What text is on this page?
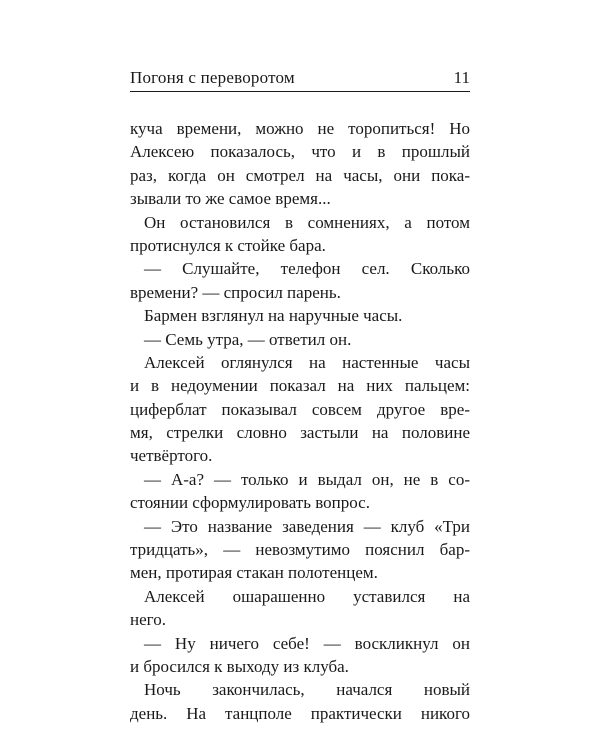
Погоня с переворотом	11
куча времени, можно не торопиться! Но
Алексею показалось, что и в прошлый
раз, когда он смотрел на часы, они пока-
зывали то же самое время...
Он остановился в сомнениях, а потом
протиснулся к стойке бара.
— Слушайте, телефон сел. Сколько
времени? — спросил парень.
Бармен взглянул на наручные часы.
— Семь утра, — ответил он.
Алексей оглянулся на настенные часы
и в недоумении показал на них пальцем:
циферблат показывал совсем другое вре-
мя, стрелки словно застыли на половине
четвёртого.
— А-а? — только и выдал он, не в со-
стоянии сформулировать вопрос.
— Это название заведения — клуб «Три
тридцать», — невозмутимо пояснил бар-
мен, протирая стакан полотенцем.
Алексей ошарашенно уставился на
него.
— Ну ничего себе! — воскликнул он
и бросился к выходу из клуба.
Ночь закончилась, начался новый
день. На танцполе практически никого
